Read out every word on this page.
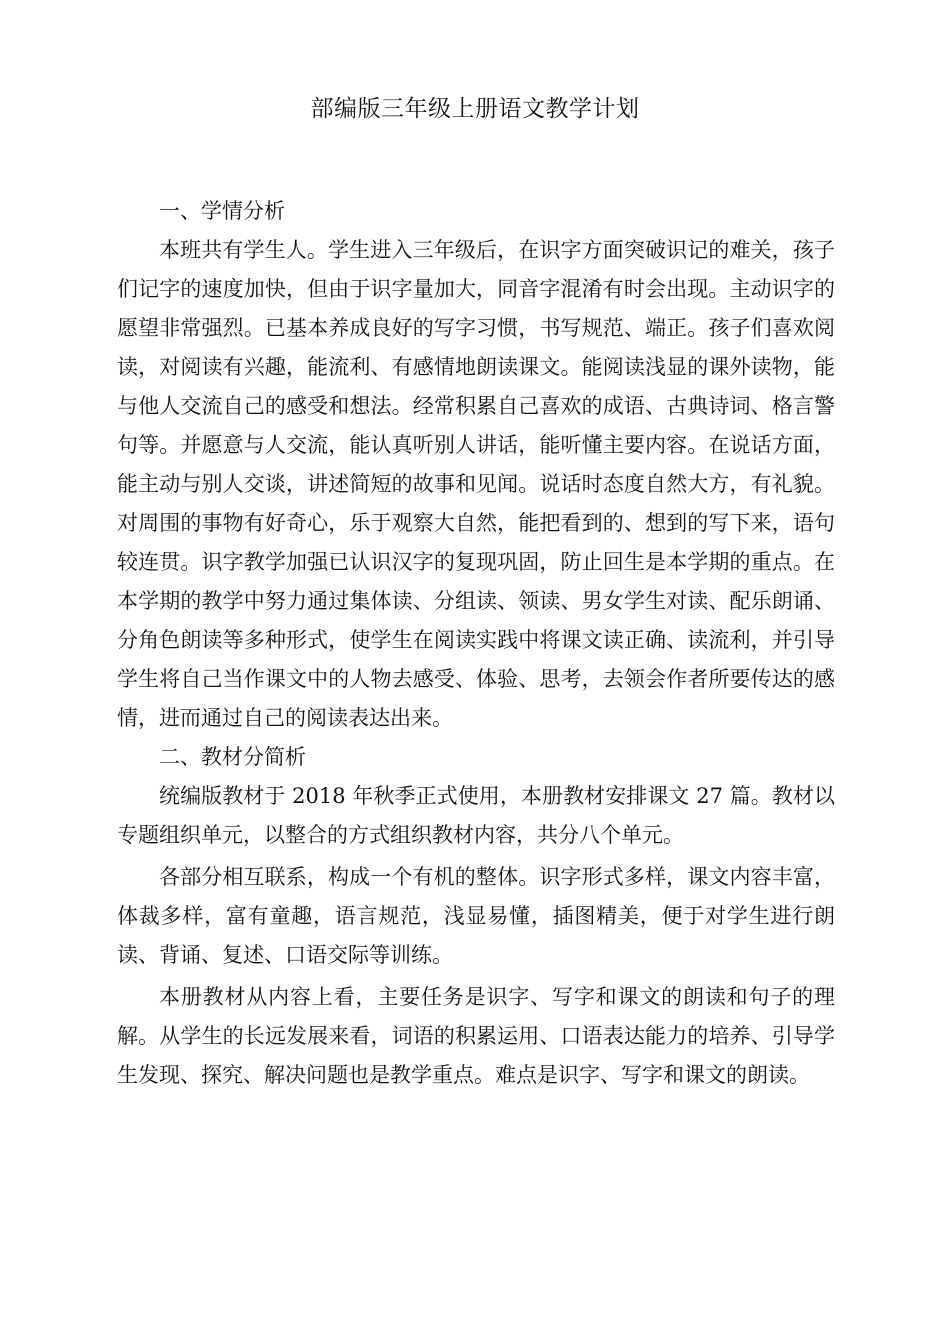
部编版三年级上册语文教学计划
一、学情分析

本班共有学生人。学生进入三年级后，在识字方面突破识记的难关，孩子们记字的速度加快，但由于识字量加大，同音字混淆有时会出现。主动识字的愿望非常强烈。已基本养成良好的写字习惯，书写规范、端正。孩子们喜欢阅读，对阅读有兴趣，能流利、有感情地朗读课文。能阅读浅显的课外读物，能与他人交流自己的感受和想法。经常积累自己喜欢的成语、古典诗词、格言警句等。并愿意与人交流，能认真听别人讲话，能听懂主要内容。在说话方面，能主动与别人交谈，讲述简短的故事和见闻。说话时态度自然大方，有礼貌。对周围的事物有好奇心，乐于观察大自然，能把看到的、想到的写下来，语句较连贯。识字教学加强已认识汉字的复现巩固，防止回生是本学期的重点。在本学期的教学中努力通过集体读、分组读、领读、男女学生对读、配乐朗诵、分角色朗读等多种形式，使学生在阅读实践中将课文读正确、读流利，并引导学生将自己当作课文中的人物去感受、体验、思考，去领会作者所要传达的感情，进而通过自己的阅读表达出来。

二、教材分简析

统编版教材于 2018 年秋季正式使用，本册教材安排课文 27 篇。教材以专题组织单元，以整合的方式组织教材内容，共分八个单元。

各部分相互联系，构成一个有机的整体。识字形式多样，课文内容丰富，体裁多样，富有童趣，语言规范，浅显易懂，插图精美，便于对学生进行朗读、背诵、复述、口语交际等训练。

本册教材从内容上看，主要任务是识字、写字和课文的朗读和句子的理解。从学生的长远发展来看，词语的积累运用、口语表达能力的培养、引导学生发现、探究、解决问题也是教学重点。难点是识字、写字和课文的朗读。
